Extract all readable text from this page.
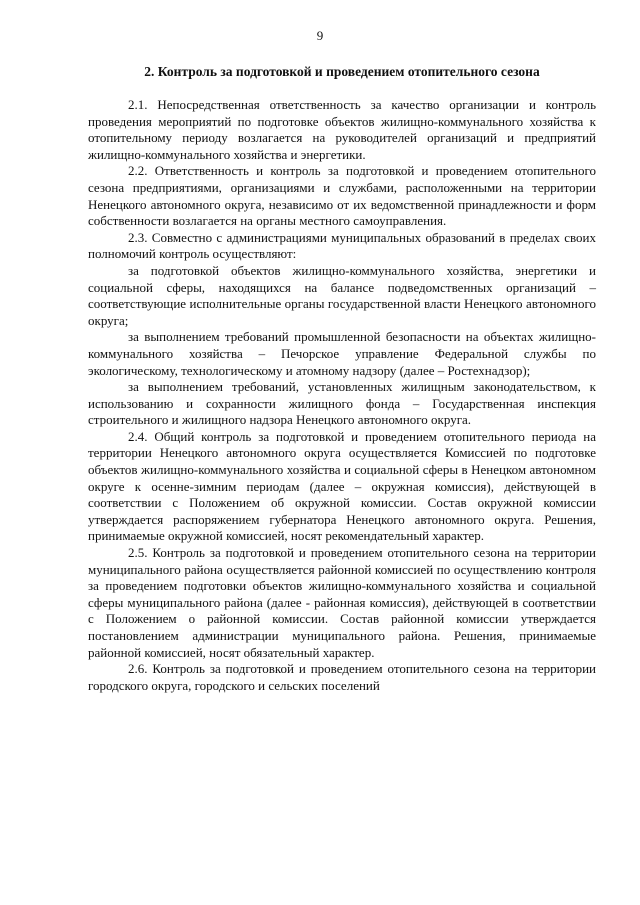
9
2. Контроль за подготовкой и проведением отопительного сезона

2.1. Непосредственная ответственность за качество организации и контроль проведения мероприятий по подготовке объектов жилищно-коммунального хозяйства к отопительному периоду возлагается на руководителей организаций и предприятий жилищно-коммунального хозяйства и энергетики.

2.2. Ответственность и контроль за подготовкой и проведением отопительного сезона предприятиями, организациями и службами, расположенными на территории Ненецкого автономного округа, независимо от их ведомственной принадлежности и форм собственности возлагается на органы местного самоуправления.

2.3. Совместно с администрациями муниципальных образований в пределах своих полномочий контроль осуществляют:

за подготовкой объектов жилищно-коммунального хозяйства, энергетики и социальной сферы, находящихся на балансе подведомственных организаций – соответствующие исполнительные органы государственной власти Ненецкого автономного округа;

за выполнением требований промышленной безопасности на объектах жилищно-коммунального хозяйства – Печорское управление Федеральной службы по экологическому, технологическому и атомному надзору (далее – Ростехнадзор);

за выполнением требований, установленных жилищным законодательством, к использованию и сохранности жилищного фонда – Государственная инспекция строительного и жилищного надзора Ненецкого автономного округа.

2.4. Общий контроль за подготовкой и проведением отопительного периода на территории Ненецкого автономного округа осуществляется Комиссией по подготовке объектов жилищно-коммунального хозяйства и социальной сферы в Ненецком автономном округе к осенне-зимним периодам (далее – окружная комиссия), действующей в соответствии с Положением об окружной комиссии. Состав окружной комиссии утверждается распоряжением губернатора Ненецкого автономного округа. Решения, принимаемые окружной комиссией, носят рекомендательный характер.

2.5. Контроль за подготовкой и проведением отопительного сезона на территории муниципального района осуществляется районной комиссией по осуществлению контроля за проведением подготовки объектов жилищно-коммунального хозяйства и социальной сферы муниципального района (далее - районная комиссия), действующей в соответствии с Положением о районной комиссии. Состав районной комиссии утверждается постановлением администрации муниципального района. Решения, принимаемые районной комиссией, носят обязательный характер.

2.6. Контроль за подготовкой и проведением отопительного сезона на территории городского округа, городского и сельских поселений
